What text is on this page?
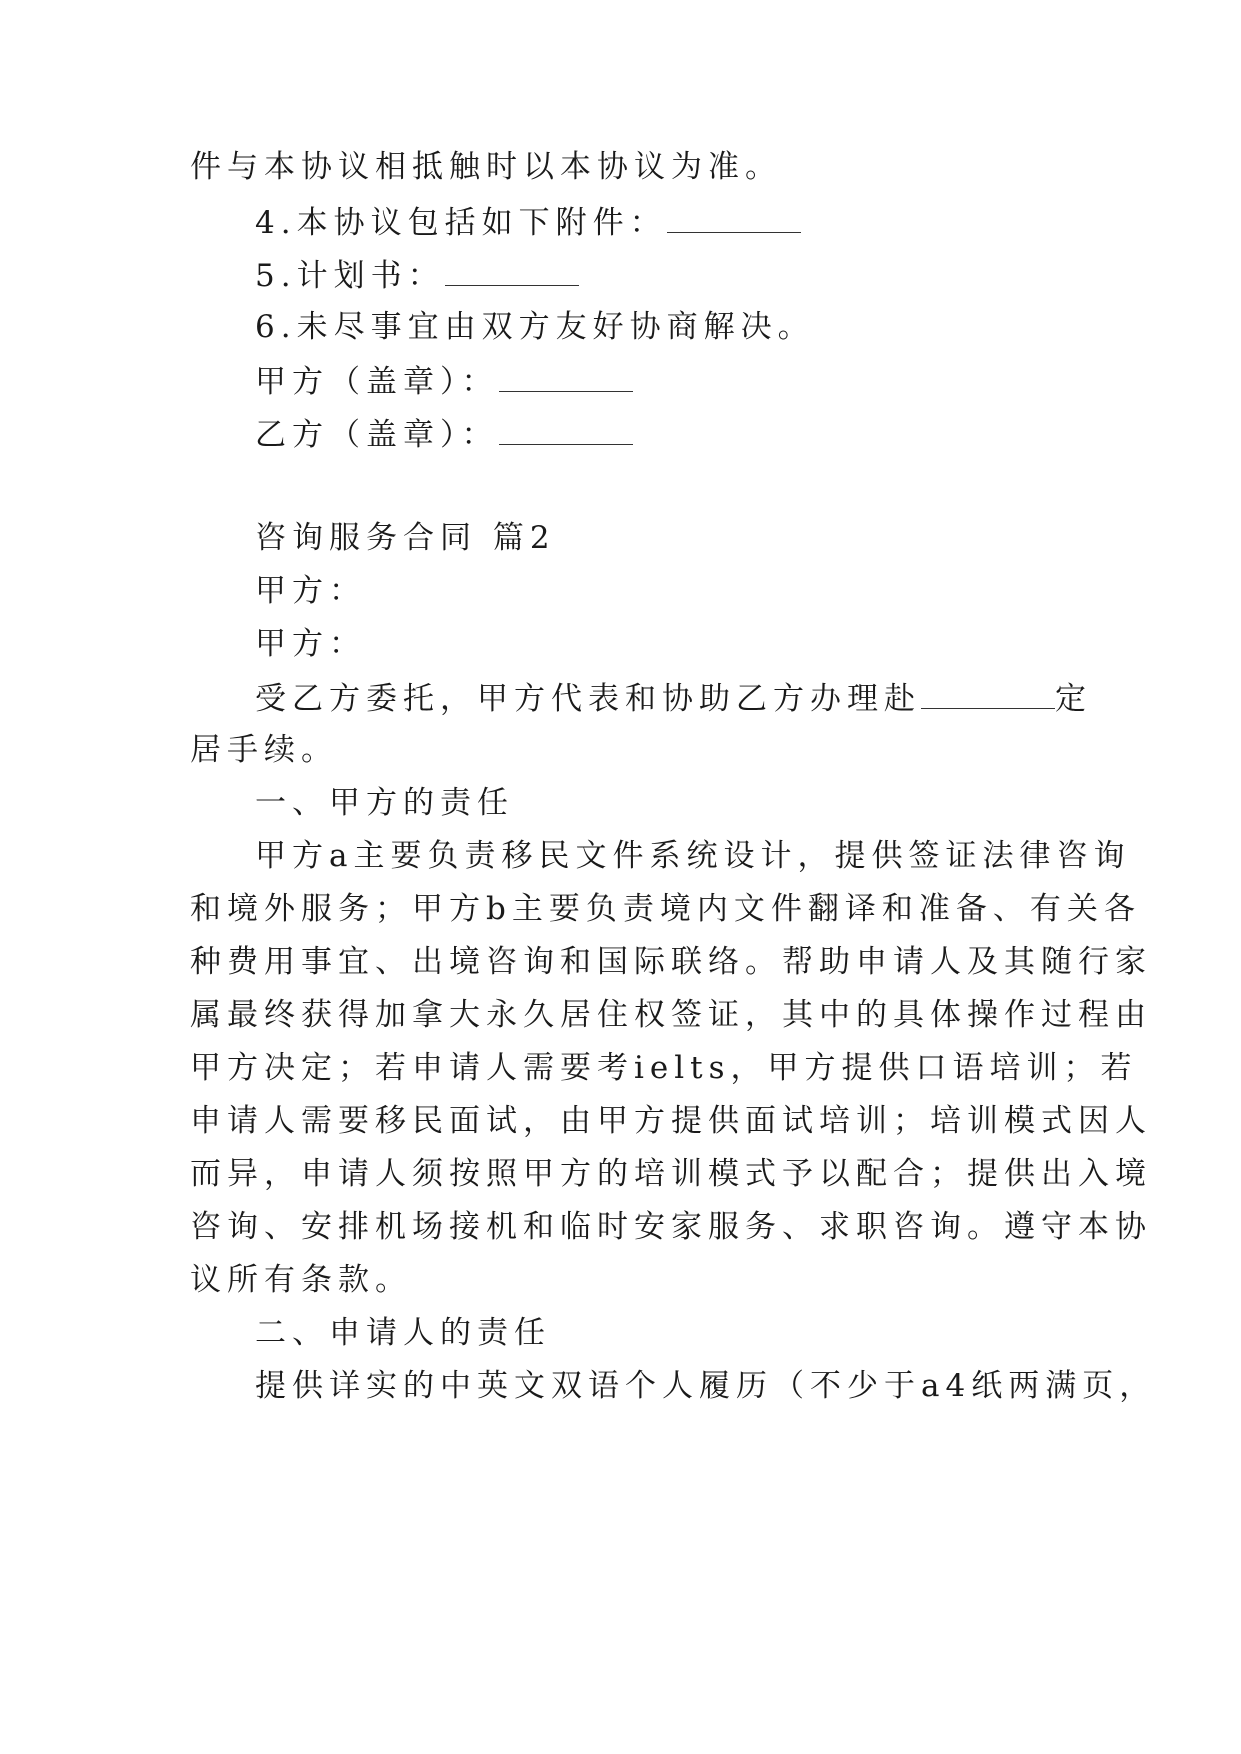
件与本协议相抵触时以本协议为准。
4.本协议包括如下附件：
5.计划书：
6.未尽事宜由双方友好协商解决。
甲方（盖章）：
乙方（盖章）：
咨询服务合同 篇2
甲方：
甲方：
受乙方委托，甲方代表和协助乙方办理赴	定
居手续。
一、甲方的责任
甲方a主要负责移民文件系统设计，提供签证法律咨询
和境外服务；甲方b主要负责境内文件翻译和准备、有关各
种费用事宜、出境咨询和国际联络。帮助申请人及其随行家
属最终获得加拿大永久居住权签证，其中的具体操作过程由
甲方决定；若申请人需要考ielts，甲方提供口语培训；若
申请人需要移民面试，由甲方提供面试培训；培训模式因人
而异，申请人须按照甲方的培训模式予以配合；提供出入境
咨询、安排机场接机和临时安家服务、求职咨询。遵守本协
议所有条款。
二、申请人的责任
提供详实的中英文双语个人履历（不少于a4纸两满页，
